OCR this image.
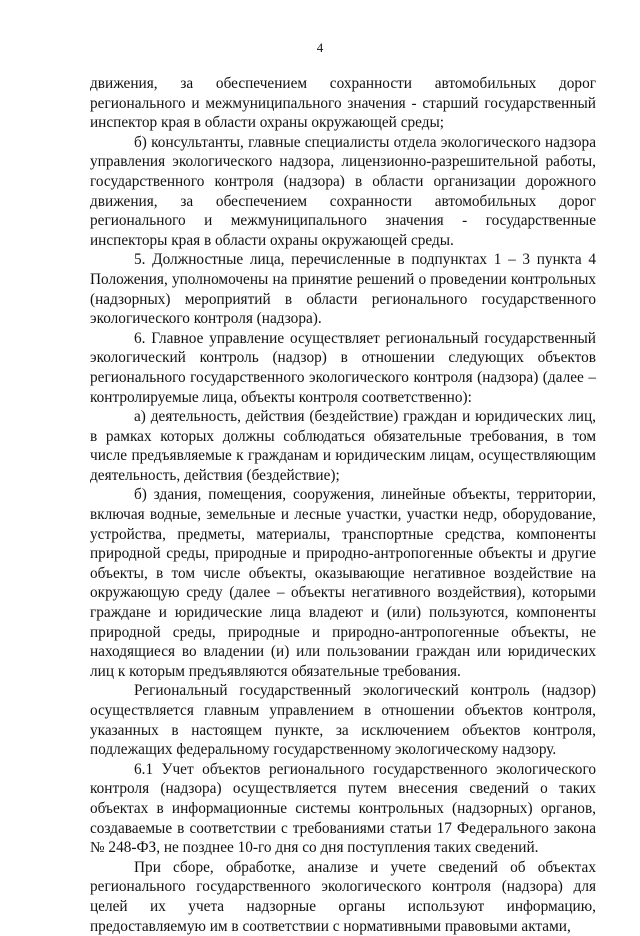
4

движения, за обеспечением сохранности автомобильных дорог регионального и межмуниципального значения - старший государственный инспектор края в области охраны окружающей среды;

б) консультанты, главные специалисты отдела экологического надзора управления экологического надзора, лицензионно-разрешительной работы, государственного контроля (надзора) в области организации дорожного движения, за обеспечением сохранности автомобильных дорог регионального и межмуниципального значения - государственные инспекторы края в области охраны окружающей среды.

5. Должностные лица, перечисленные в подпунктах 1 – 3 пункта 4 Положения, уполномочены на принятие решений о проведении контрольных (надзорных) мероприятий в области регионального государственного экологического контроля (надзора).

6. Главное управление осуществляет региональный государственный экологический контроль (надзор) в отношении следующих объектов регионального государственного экологического контроля (надзора) (далее – контролируемые лица, объекты контроля соответственно):

а) деятельность, действия (бездействие) граждан и юридических лиц, в рамках которых должны соблюдаться обязательные требования, в том числе предъявляемые к гражданам и юридическим лицам, осуществляющим деятельность, действия (бездействие);

б) здания, помещения, сооружения, линейные объекты, территории, включая водные, земельные и лесные участки, участки недр, оборудование, устройства, предметы, материалы, транспортные средства, компоненты природной среды, природные и природно-антропогенные объекты и другие объекты, в том числе объекты, оказывающие негативное воздействие на окружающую среду (далее – объекты негативного воздействия), которыми граждане и юридические лица владеют и (или) пользуются, компоненты природной среды, природные и природно-антропогенные объекты, не находящиеся во владении (и) или пользовании граждан или юридических лиц к которым предъявляются обязательные требования.

Региональный государственный экологический контроль (надзор) осуществляется главным управлением в отношении объектов контроля, указанных в настоящем пункте, за исключением объектов контроля, подлежащих федеральному государственному экологическому надзору.

6.1 Учет объектов регионального государственного экологического контроля (надзора) осуществляется путем внесения сведений о таких объектах в информационные системы контрольных (надзорных) органов, создаваемые в соответствии с требованиями статьи 17 Федерального закона № 248-ФЗ, не позднее 10-го дня со дня поступления таких сведений.

При сборе, обработке, анализе и учете сведений об объектах регионального государственного экологического контроля (надзора) для целей их учета надзорные органы используют информацию, предоставляемую им в соответствии с нормативными правовыми актами,
